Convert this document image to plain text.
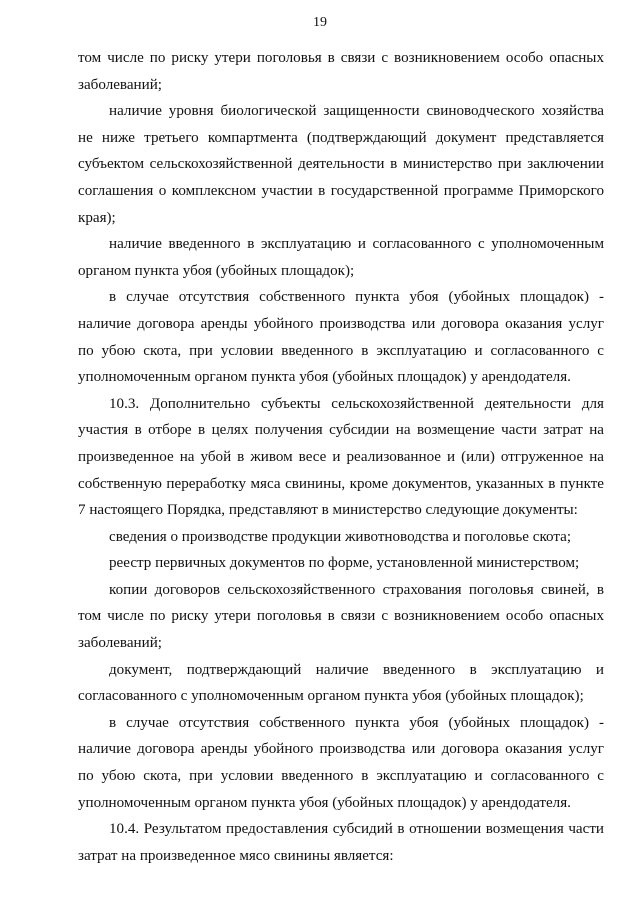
19

том числе по риску утери поголовья в связи с возникновением особо опасных заболеваний;

наличие уровня биологической защищенности свиноводческого хозяйства не ниже третьего компартмента (подтверждающий документ представляется субъектом сельскохозяйственной деятельности в министерство при заключении соглашения о комплексном участии в государственной программе Приморского края);

наличие введенного в эксплуатацию и согласованного с уполномоченным органом пункта убоя (убойных площадок);

в случае отсутствия собственного пункта убоя (убойных площадок) - наличие договора аренды убойного производства или договора оказания услуг по убою скота, при условии введенного в эксплуатацию и согласованного с уполномоченным органом пункта убоя (убойных площадок) у арендодателя.

10.3. Дополнительно субъекты сельскохозяйственной деятельности для участия в отборе в целях получения субсидии на возмещение части затрат на произведенное на убой в живом весе и реализованное и (или) отгруженное на собственную переработку мяса свинины, кроме документов, указанных в пункте 7 настоящего Порядка, представляют в министерство следующие документы:

сведения о производстве продукции животноводства и поголовье скота;

реестр первичных документов по форме, установленной министерством;

копии договоров сельскохозяйственного страхования поголовья свиней, в том числе по риску утери поголовья в связи с возникновением особо опасных заболеваний;

документ, подтверждающий наличие введенного в эксплуатацию и согласованного с уполномоченным органом пункта убоя (убойных площадок);

в случае отсутствия собственного пункта убоя (убойных площадок) - наличие договора аренды убойного производства или договора оказания услуг по убою скота, при условии введенного в эксплуатацию и согласованного с уполномоченным органом пункта убоя (убойных площадок) у арендодателя.

10.4. Результатом предоставления субсидий в отношении возмещения части затрат на произведенное мясо свинины является:
